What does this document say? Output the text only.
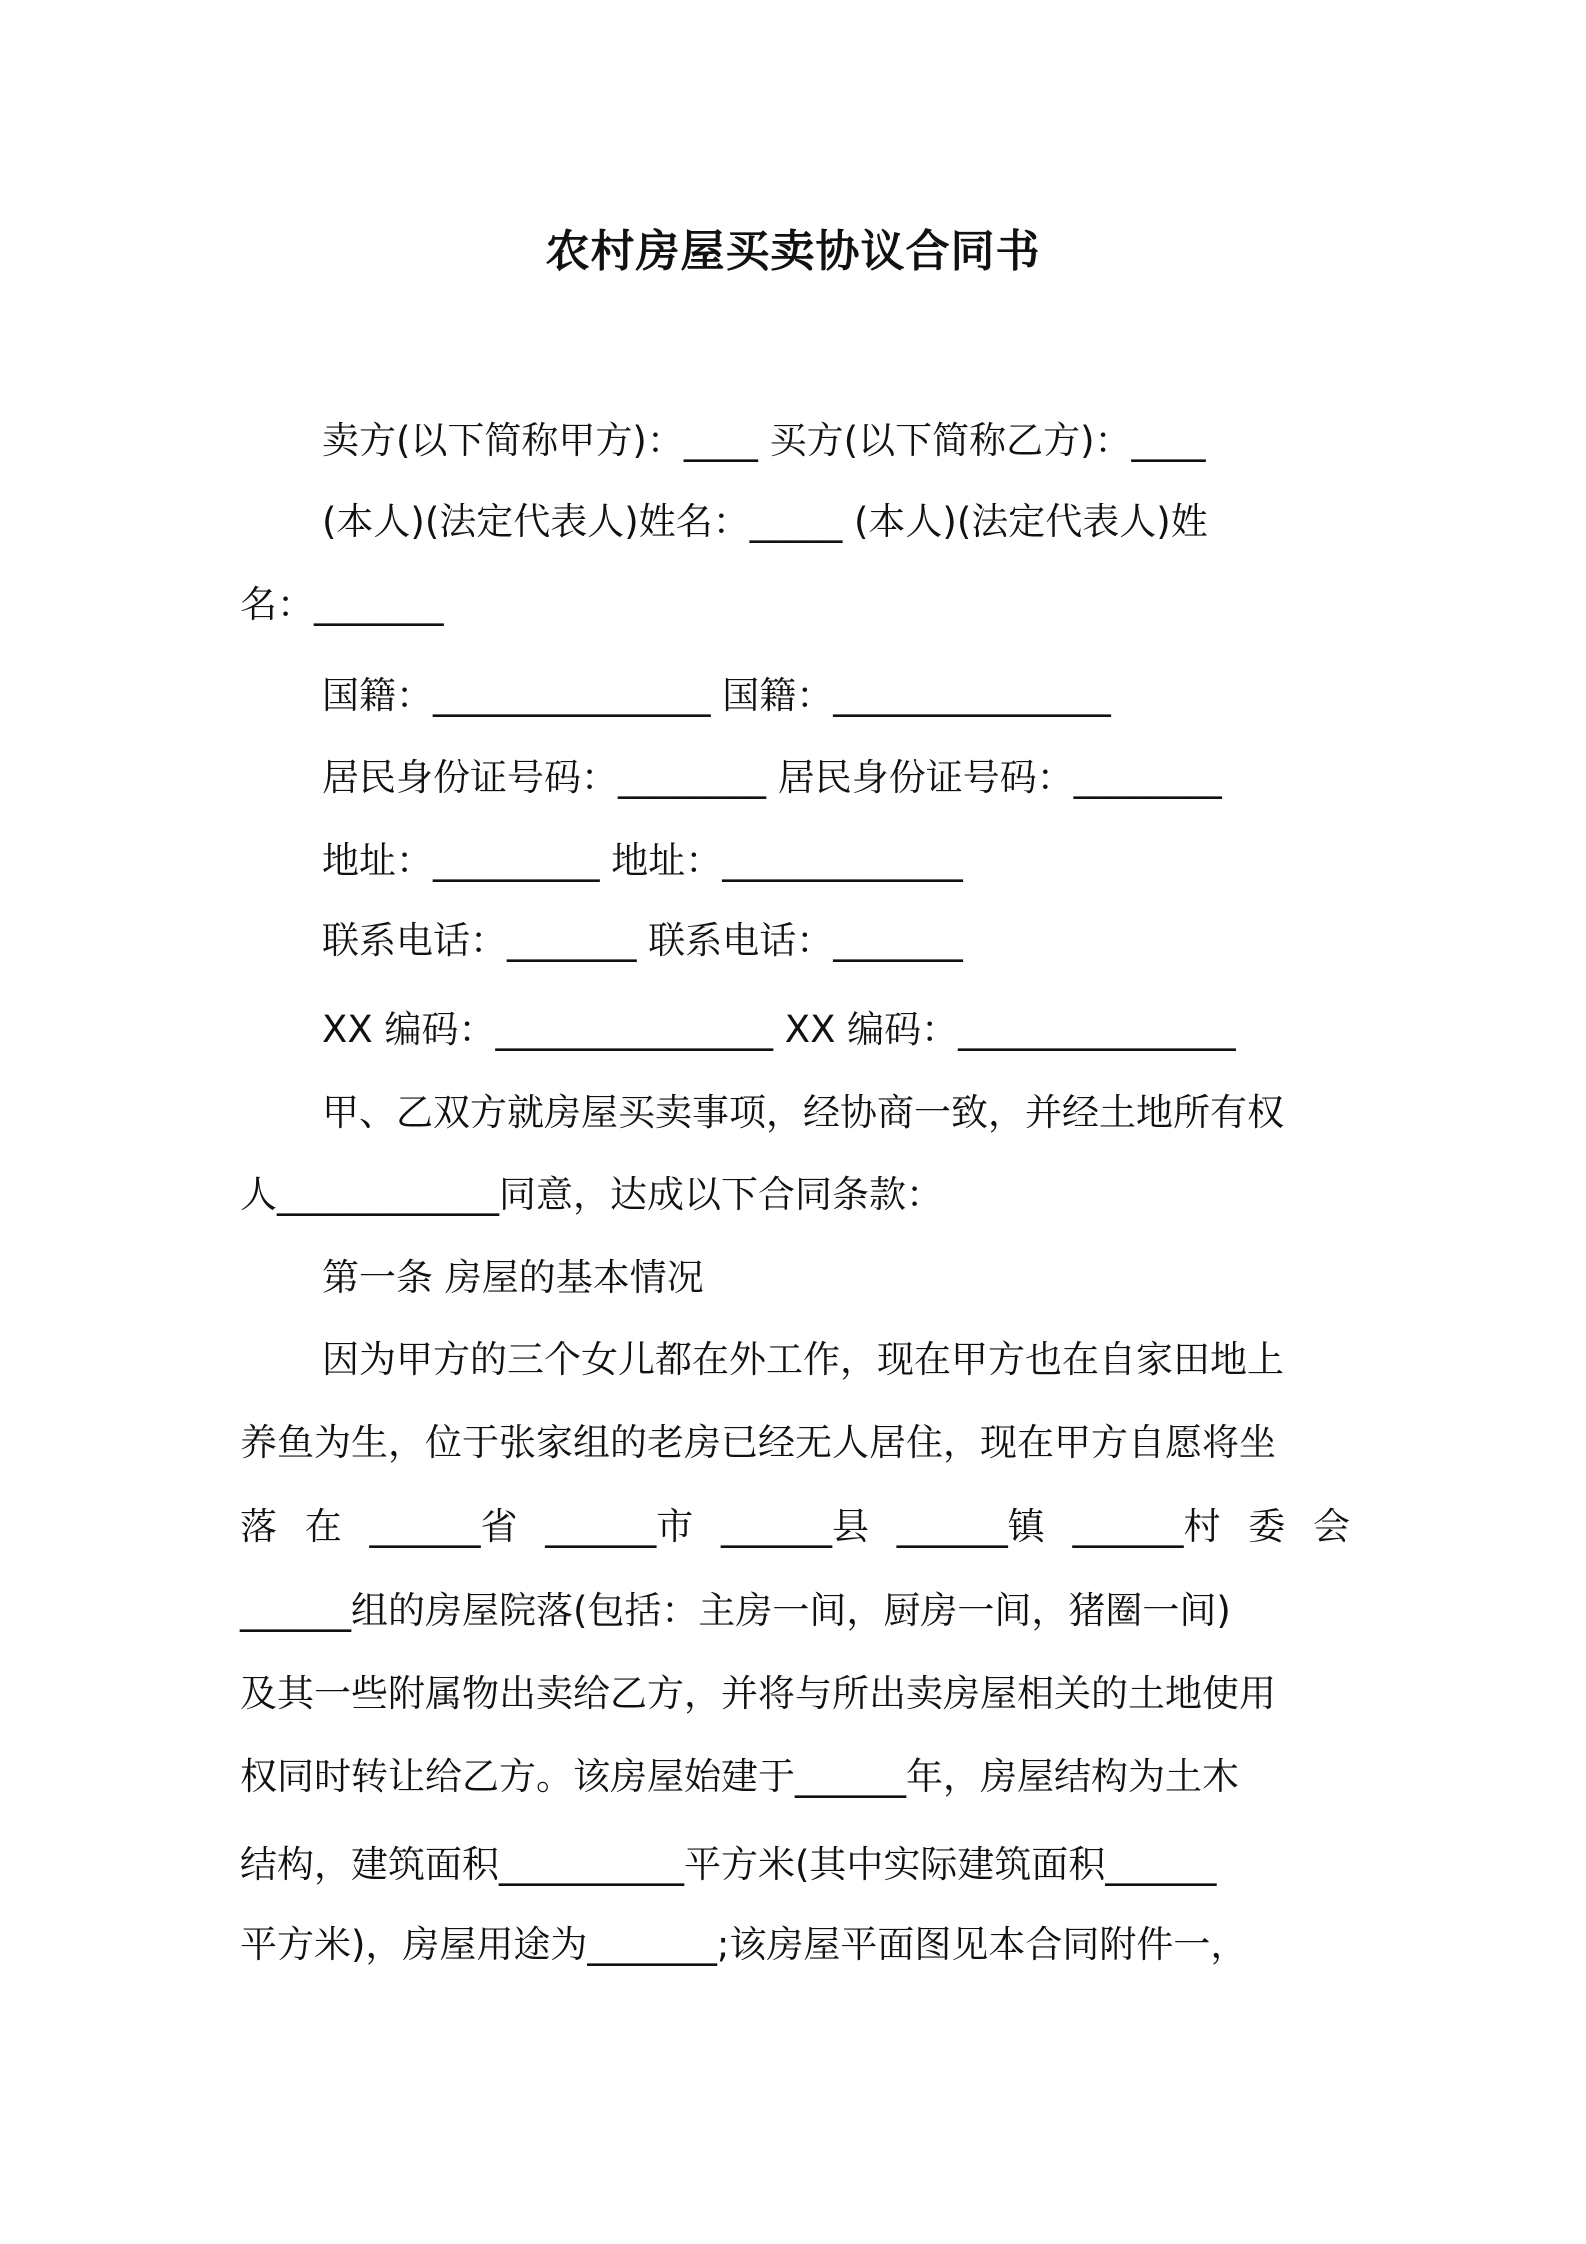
农村房屋买卖协议合同书
卖方(以下简称甲方)：____ 买方(以下简称乙方)：____
(本人)(法定代表人)姓名：_____ (本人)(法定代表人)姓
名：_______
国籍：_______________ 国籍：_______________
居民身份证号码：________ 居民身份证号码：________
地址：_________ 地址：_____________
联系电话：_______ 联系电话：_______
XX 编码：_______________ XX 编码：_______________
甲、乙双方就房屋买卖事项，经协商一致，并经土地所有权
人____________同意，达成以下合同条款：
第一条 房屋的基本情况
因为甲方的三个女儿都在外工作，现在甲方也在自家田地上
养鱼为生，位于张家组的老房已经无人居住，现在甲方自愿将坐
落 在 ______省 ______市 ______县 ______镇 ______村 委 会
______组的房屋院落(包括：主房一间，厨房一间，猪圈一间)
及其一些附属物出卖给乙方，并将与所出卖房屋相关的土地使用
权同时转让给乙方。该房屋始建于______年，房屋结构为土木
结构，建筑面积__________平方米(其中实际建筑面积______
平方米)，房屋用途为_______;该房屋平面图见本合同附件一，
